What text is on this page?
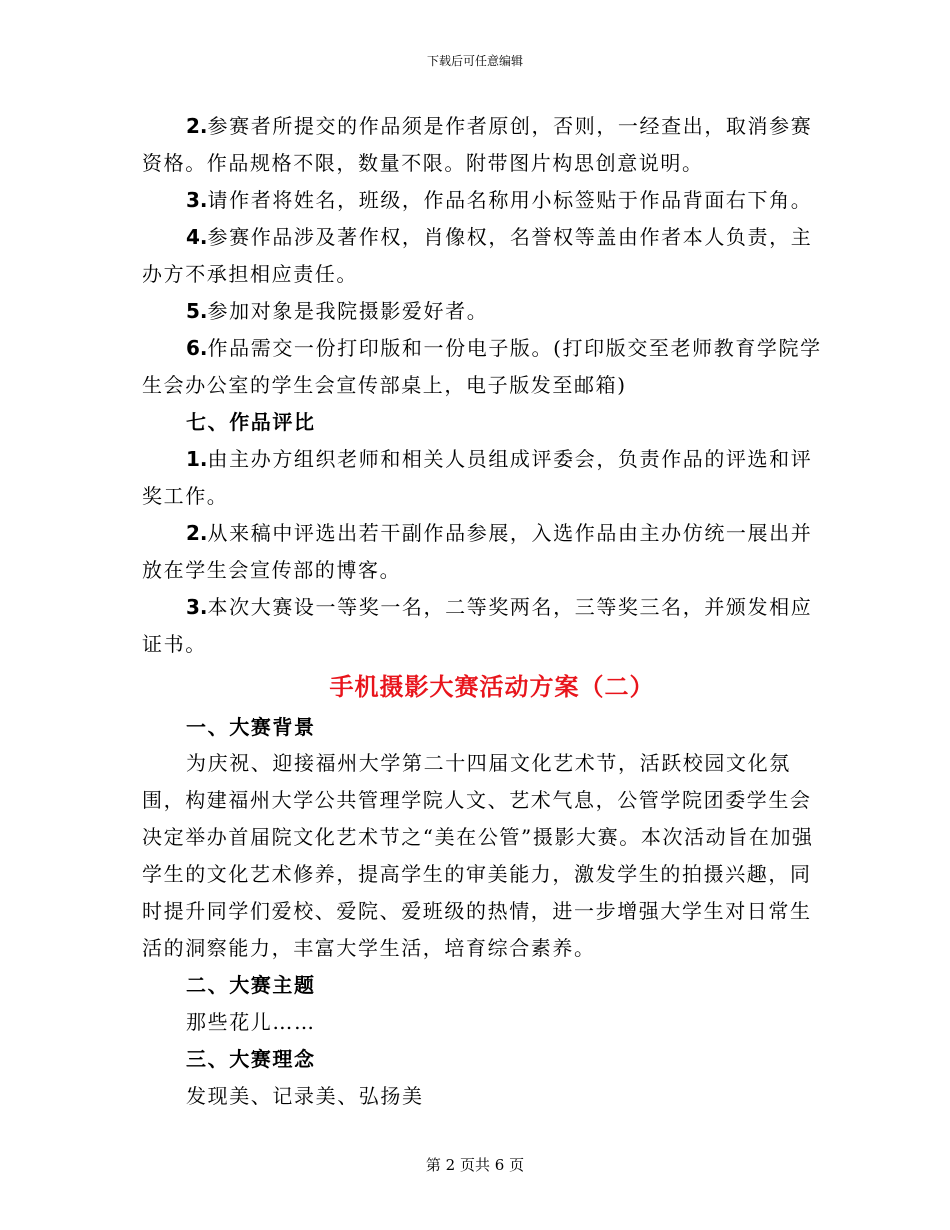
下载后可任意编辑

2.参赛者所提交的作品须是作者原创，否则，一经查出，取消参赛资格。作品规格不限，数量不限。附带图片构思创意说明。

3.请作者将姓名，班级，作品名称用小标签贴于作品背面右下角。

4.参赛作品涉及著作权，肖像权，名誉权等盖由作者本人负责，主办方不承担相应责任。

5.参加对象是我院摄影爱好者。

6.作品需交一份打印版和一份电子版。(打印版交至老师教育学院学生会办公室的学生会宣传部桌上，电子版发至邮箱)

七、作品评比

1.由主办方组织老师和相关人员组成评委会，负责作品的评选和评奖工作。

2.从来稿中评选出若干副作品参展，入选作品由主办仿统一展出并放在学生会宣传部的博客。

3.本次大赛设一等奖一名，二等奖两名，三等奖三名，并颁发相应证书。

手机摄影大赛活动方案（二）

一、大赛背景

为庆祝、迎接福州大学第二十四届文化艺术节，活跃校园文化氛围，构建福州大学公共管理学院人文、艺术气息，公管学院团委学生会决定举办首届院文化艺术节之“美在公管”摄影大赛。本次活动旨在加强学生的文化艺术修养，提高学生的审美能力，激发学生的拍摄兴趣，同时提升同学们爱校、爱院、爱班级的热情，进一步增强大学生对日常生活的洞察能力，丰富大学生活，培育综合素养。

二、大赛主题

那些花儿……

三、大赛理念

发现美、记录美、弘扬美

第 2 页共 6 页
